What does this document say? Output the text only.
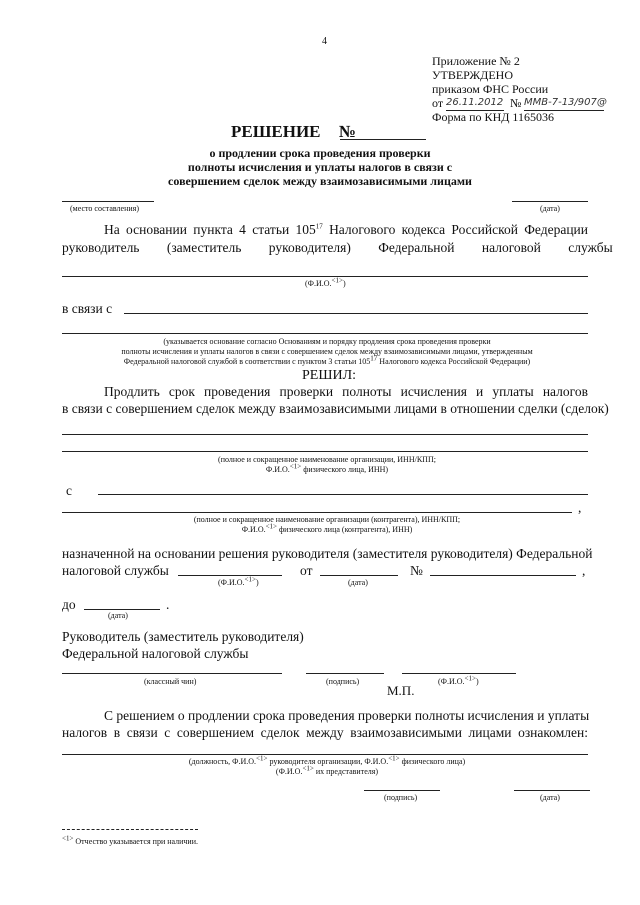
4
Приложение № 2
УТВЕРЖДЕНО
приказом ФНС России
от 26.11.2012 № ММВ-7-13/907@
Форма по КНД 1165036
РЕШЕНИЕ №
о продлении срока проведения проверки
полноты исчисления и уплаты налогов в связи с
совершением сделок между взаимозависимыми лицами
(место составления)	(дата)
На основании пункта 4 статьи $105^{17}$ Налогового кодекса Российской Федерации
руководитель (заместитель руководителя) Федеральной налоговой службы
(Ф.И.О.$^{<1>}$)
в связи с
(указывается основание согласно Основаниям и порядку продления срока проведения проверки
полноты исчисления и уплаты налогов в связи с совершением сделок между взаимозависимыми лицами, утвержденным
Федеральной налоговой службой в соответствии с пунктом 3 статьи $105^{17}$ Налогового кодекса Российской Федерации)
РЕШИЛ:
Продлить срок проведения проверки полноты исчисления и уплаты налогов
в связи с совершением сделок между взаимозависимыми лицами в отношении сделки (сделок)
(полное и сокращенное наименование организации, ИНН/КПП;
Ф.И.О.$^{<1>}$ физического лица, ИНН)
с
,
(полное и сокращенное наименование организации (контрагента), ИНН/КПП;
Ф.И.О.$^{<1>}$ физического лица (контрагента), ИНН)
назначенной на основании решения руководителя (заместителя руководителя) Федеральной
налоговой службы	от	№	,
(Ф.И.О.$^{<1>}$)	(дата)
до	.
(дата)
Руководитель (заместитель руководителя)
Федеральной налоговой службы
(классный чин)	(подпись)	(Ф.И.О.$^{<1>}$)
М.П.
С решением о продлении срока проведения проверки полноты исчисления и уплаты
налогов в связи с совершением сделок между взаимозависимыми лицами ознакомлен:
(должность, Ф.И.О.$^{<1>}$ руководителя организации, Ф.И.О.$^{<1>}$ физического лица)
(Ф.И.О.$^{<1>}$ их представителя)
(подпись)	(дата)
$^{<1>}$ Отчество указывается при наличии.
